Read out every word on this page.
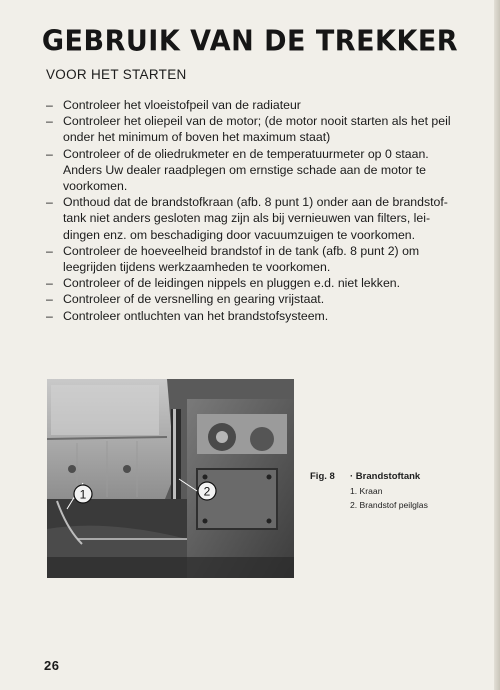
GEBRUIK VAN DE TREKKER
VOOR HET STARTEN
– Controleer het vloeistofpeil van de radiateur
– Controleer het oliepeil van de motor; (de motor nooit starten als het peil onder het minimum of boven het maximum staat)
– Controleer of de oliedrukmeter en de temperatuurmeter op 0 staan. Anders Uw dealer raadplegen om ernstige schade aan de motor te voorkomen.
– Onthoud dat de brandstofkraan (afb. 8 punt 1) onder aan de brandstof-tank niet anders gesloten mag zijn als bij vernieuwen van filters, lei-dingen enz. om beschadiging door vacuumzuigen te voorkomen.
– Controleer de hoeveelheid brandstof in de tank (afb. 8 punt 2) om leegrijden tijdens werkzaamheden te voorkomen.
– Controleer of de leidingen nippels en pluggen e.d. niet lekken.
– Controleer of de versnelling en gearing vrijstaat.
– Controleer ontluchten van het brandstofsysteem.
1	2
Fig. 8 · Brandstoftank
1. Kraan
2. Brandstof peilglas
26
